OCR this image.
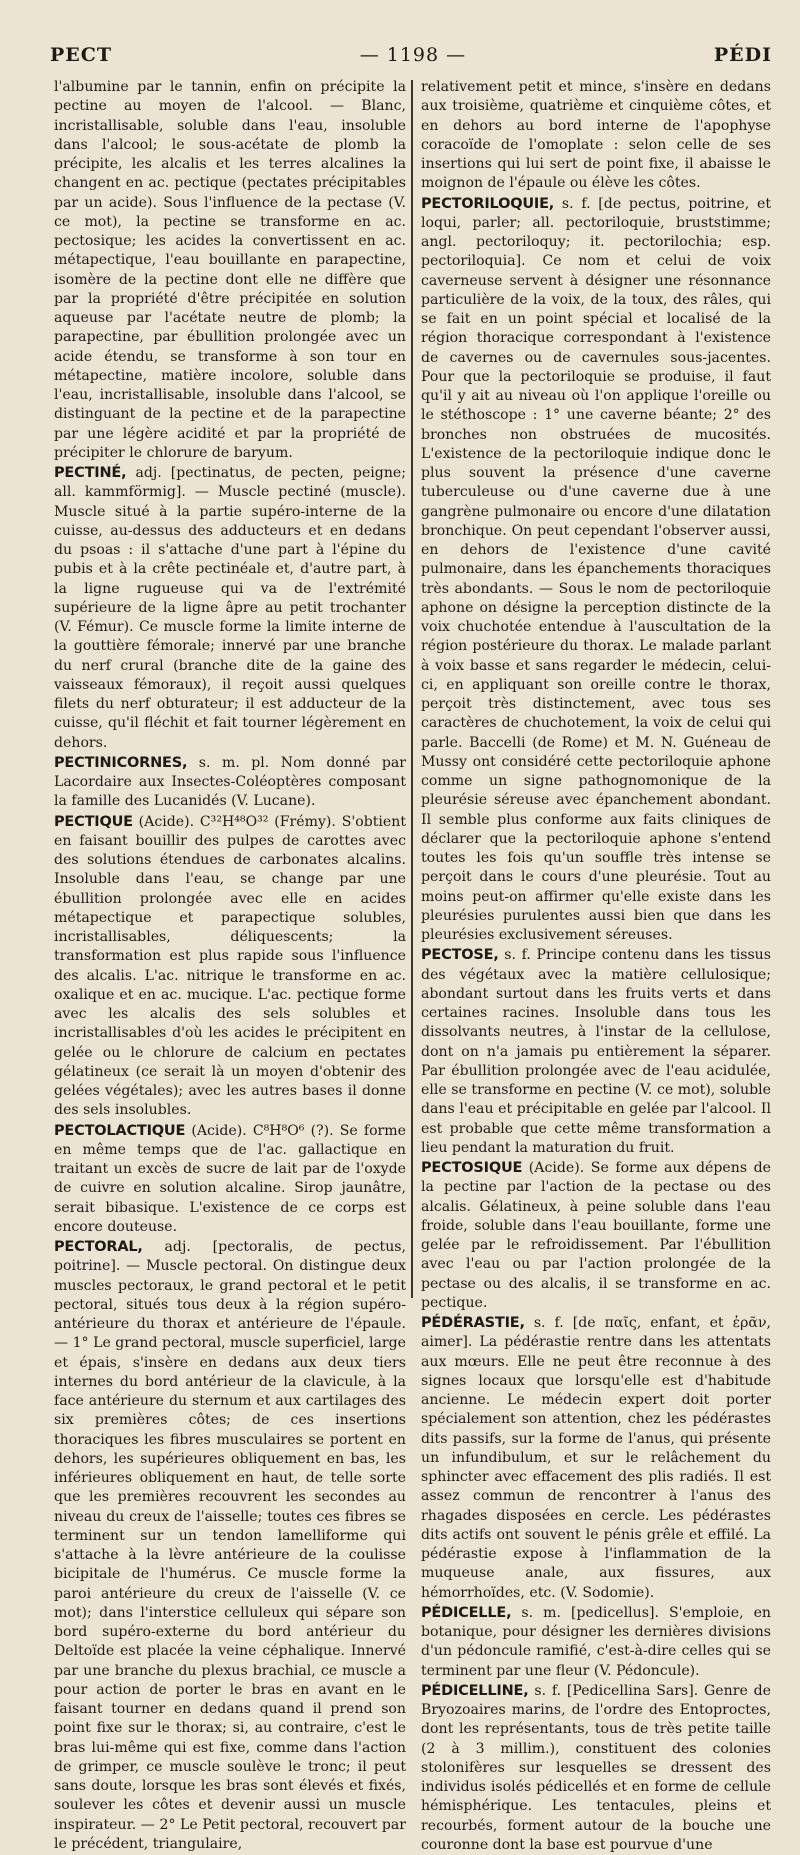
PECT	— 1198 —	PÉDI

l'albumine par le tannin, enfin on précipite la pectine au moyen de l'alcool. — Blanc, incristallisable, soluble dans l'eau, insoluble dans l'alcool; le sous-acétate de plomb la précipite, les alcalis et les terres alcalines la changent en ac. pectique (pectates précipitables par un acide). Sous l'influence de la pectase (V. ce mot), la pectine se transforme en ac. pectosique; les acides la convertissent en ac. métapectique, l'eau bouillante en parapectine, isomère de la pectine dont elle ne diffère que par la propriété d'être précipitée en solution aqueuse par l'acétate neutre de plomb; la parapectine, par ébullition prolongée avec un acide étendu, se transforme à son tour en métapectine, matière incolore, soluble dans l'eau, incristallisable, insoluble dans l'alcool, se distinguant de la pectine et de la parapectine par une légère acidité et par la propriété de précipiter le chlorure de baryum.

PECTINÉ, adj. [pectinatus, de pecten, peigne; all. kammförmig]. — Muscle pectiné (muscle). Muscle situé à la partie supéro-interne de la cuisse, au-dessus des adducteurs et en dedans du psoas : il s'attache d'une part à l'épine du pubis et à la crête pectinéale et, d'autre part, à la ligne rugueuse qui va de l'extrémité supérieure de la ligne âpre au petit trochanter (V. Fémur). Ce muscle forme la limite interne de la gouttière fémorale; innervé par une branche du nerf crural (branche dite de la gaine des vaisseaux fémoraux), il reçoit aussi quelques filets du nerf obturateur; il est adducteur de la cuisse, qu'il fléchit et fait tourner légèrement en dehors.

PECTINICORNES, s. m. pl. Nom donné par Lacordaire aux Insectes-Coléoptères composant la famille des Lucanidés (V. Lucane).

PECTIQUE (Acide). C³²H⁴⁸O³² (Frémy). S'obtient en faisant bouillir des pulpes de carottes avec des solutions étendues de carbonates alcalins. Insoluble dans l'eau, se change par une ébullition prolongée avec elle en acides métapectique et parapectique solubles, incristallisables, déliquescents; la transformation est plus rapide sous l'influence des alcalis. L'ac. nitrique le transforme en ac. oxalique et en ac. mucique. L'ac. pectique forme avec les alcalis des sels solubles et incristallisables d'où les acides le précipitent en gelée ou le chlorure de calcium en pectates gélatineux (ce serait là un moyen d'obtenir des gelées végétales); avec les autres bases il donne des sels insolubles.

PECTOLACTIQUE (Acide). C⁸H⁸O⁶ (?). Se forme en même temps que de l'ac. gallactique en traitant un excès de sucre de lait par de l'oxyde de cuivre en solution alcaline. Sirop jaunâtre, serait bibasique. L'existence de ce corps est encore douteuse.

PECTORAL, adj. [pectoralis, de pectus, poitrine]. — Muscle pectoral. On distingue deux muscles pectoraux, le grand pectoral et le petit pectoral, situés tous deux à la région supéro-antérieure du thorax et antérieure de l'épaule. — 1° Le grand pectoral, muscle superficiel, large et épais, s'insère en dedans aux deux tiers internes du bord antérieur de la clavicule, à la face antérieure du sternum et aux cartilages des six premières côtes; de ces insertions thoraciques les fibres musculaires se portent en dehors, les supérieures obliquement en bas, les inférieures obliquement en haut, de telle sorte que les premières recouvrent les secondes au niveau du creux de l'aisselle; toutes ces fibres se terminent sur un tendon lamelliforme qui s'attache à la lèvre antérieure de la coulisse bicipitale de l'humérus. Ce muscle forme la paroi antérieure du creux de l'aisselle (V. ce mot); dans l'interstice celluleux qui sépare son bord supéro-externe du bord antérieur du Deltoïde est placée la veine céphalique. Innervé par une branche du plexus brachial, ce muscle a pour action de porter le bras en avant en le faisant tourner en dedans quand il prend son point fixe sur le thorax; si, au contraire, c'est le bras lui-même qui est fixe, comme dans l'action de grimper, ce muscle soulève le tronc; il peut sans doute, lorsque les bras sont élevés et fixés, soulever les côtes et devenir aussi un muscle inspirateur. — 2° Le Petit pectoral, recouvert par le précédent, triangulaire,

relativement petit et mince, s'insère en dedans aux troisième, quatrième et cinquième côtes, et en dehors au bord interne de l'apophyse coracoïde de l'omoplate : selon celle de ses insertions qui lui sert de point fixe, il abaisse le moignon de l'épaule ou élève les côtes.

PECTORILOQUIE, s. f. [de pectus, poitrine, et loqui, parler; all. pectoriloquie, bruststimme; angl. pectoriloquy; it. pectorilochia; esp. pectoriloquia]. Ce nom et celui de voix caverneuse servent à désigner une résonnance particulière de la voix, de la toux, des râles, qui se fait en un point spécial et localisé de la région thoracique correspondant à l'existence de cavernes ou de cavernules sous-jacentes. Pour que la pectoriloquie se produise, il faut qu'il y ait au niveau où l'on applique l'oreille ou le stéthoscope : 1° une caverne béante; 2° des bronches non obstruées de mucosités. L'existence de la pectoriloquie indique donc le plus souvent la présence d'une caverne tuberculeuse ou d'une caverne due à une gangrène pulmonaire ou encore d'une dilatation bronchique. On peut cependant l'observer aussi, en dehors de l'existence d'une cavité pulmonaire, dans les épanchements thoraciques très abondants. — Sous le nom de pectoriloquie aphone on désigne la perception distincte de la voix chuchotée entendue à l'auscultation de la région postérieure du thorax. Le malade parlant à voix basse et sans regarder le médecin, celui-ci, en appliquant son oreille contre le thorax, perçoit très distinctement, avec tous ses caractères de chuchotement, la voix de celui qui parle. Baccelli (de Rome) et M. N. Guéneau de Mussy ont considéré cette pectoriloquie aphone comme un signe pathognomonique de la pleurésie séreuse avec épanchement abondant. Il semble plus conforme aux faits cliniques de déclarer que la pectoriloquie aphone s'entend toutes les fois qu'un souffle très intense se perçoit dans le cours d'une pleurésie. Tout au moins peut-on affirmer qu'elle existe dans les pleurésies purulentes aussi bien que dans les pleurésies exclusivement séreuses.

PECTOSE, s. f. Principe contenu dans les tissus des végétaux avec la matière cellulosique; abondant surtout dans les fruits verts et dans certaines racines. Insoluble dans tous les dissolvants neutres, à l'instar de la cellulose, dont on n'a jamais pu entièrement la séparer. Par ébullition prolongée avec de l'eau acidulée, elle se transforme en pectine (V. ce mot), soluble dans l'eau et précipitable en gelée par l'alcool. Il est probable que cette même transformation a lieu pendant la maturation du fruit.

PECTOSIQUE (Acide). Se forme aux dépens de la pectine par l'action de la pectase ou des alcalis. Gélatineux, à peine soluble dans l'eau froide, soluble dans l'eau bouillante, forme une gelée par le refroidissement. Par l'ébullition avec l'eau ou par l'action prolongée de la pectase ou des alcalis, il se transforme en ac. pectique.

PÉDÉRASTIE, s. f. [de παῖς, enfant, et ἐρᾶν, aimer]. La pédérastie rentre dans les attentats aux mœurs. Elle ne peut être reconnue à des signes locaux que lorsqu'elle est d'habitude ancienne. Le médecin expert doit porter spécialement son attention, chez les pédérastes dits passifs, sur la forme de l'anus, qui présente un infundibulum, et sur le relâchement du sphincter avec effacement des plis radiés. Il est assez commun de rencontrer à l'anus des rhagades disposées en cercle. Les pédérastes dits actifs ont souvent le pénis grêle et effilé. La pédérastie expose à l'inflammation de la muqueuse anale, aux fissures, aux hémorrhoïdes, etc. (V. Sodomie).

PÉDICELLE, s. m. [pedicellus]. S'emploie, en botanique, pour désigner les dernières divisions d'un pédoncule ramifié, c'est-à-dire celles qui se terminent par une fleur (V. Pédoncule).

PÉDICELLINE, s. f. [Pedicellina Sars]. Genre de Bryozoaires marins, de l'ordre des Entoproctes, dont les représentants, tous de très petite taille (2 à 3 millim.), constituent des colonies stolonifères sur lesquelles se dressent des individus isolés pédicellés et en forme de cellule hémisphérique. Les tentacules, pleins et recourbés, forment autour de la bouche une couronne dont la base est pourvue d'une
